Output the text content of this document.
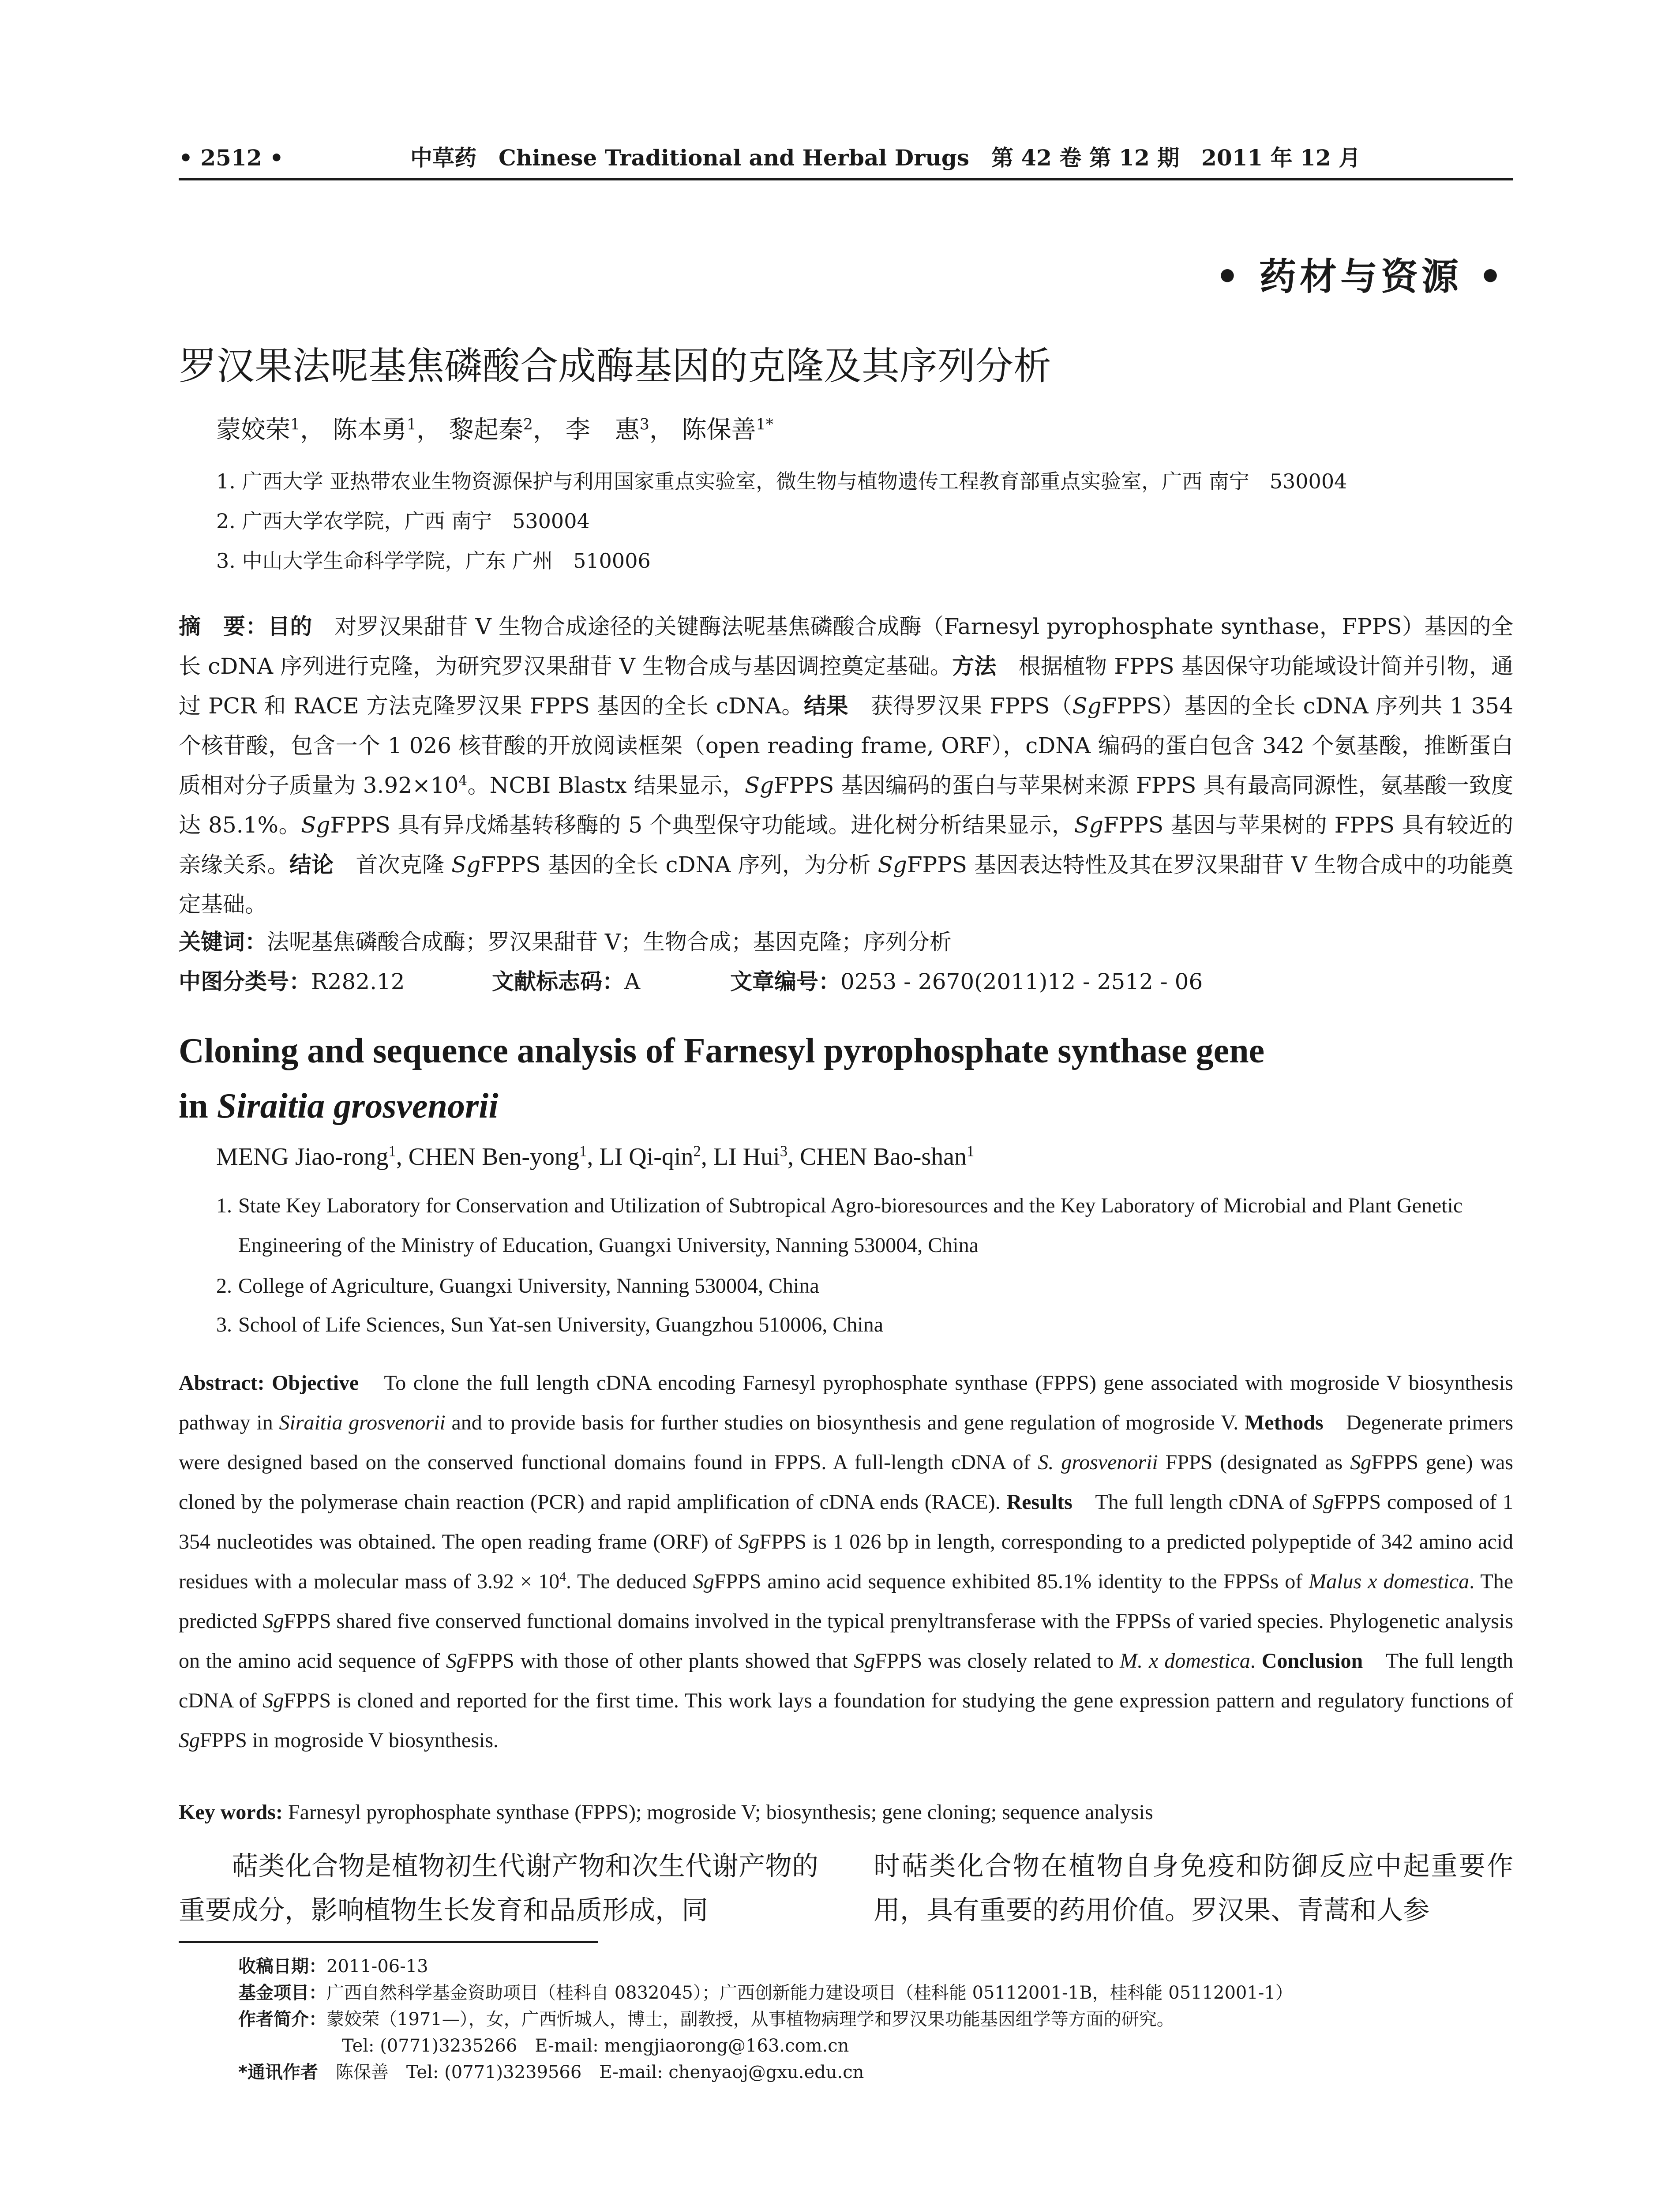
• 2512 •	中草药　Chinese Traditional and Herbal Drugs　第 42 卷 第 12 期　2011 年 12 月
• 药材与资源 •
罗汉果法呢基焦磷酸合成酶基因的克隆及其序列分析
蒙姣荣$^1$， 陈本勇$^1$， 黎起秦$^2$， 李　惠$^3$， 陈保善$^{1*}$
1. 广西大学 亚热带农业生物资源保护与利用国家重点实验室，微生物与植物遗传工程教育部重点实验室，广西 南宁　530004
2. 广西大学农学院，广西 南宁　530004
3. 中山大学生命科学学院，广东 广州　510006

摘　要：目的　对罗汉果甜苷 V 生物合成途径的关键酶法呢基焦磷酸合成酶（Farnesyl pyrophosphate synthase，FPPS）基因的全长 cDNA 序列进行克隆，为研究罗汉果甜苷 V 生物合成与基因调控奠定基础。方法　根据植物 FPPS 基因保守功能域设计简并引物，通过 PCR 和 RACE 方法克隆罗汉果 FPPS 基因的全长 cDNA。结果　获得罗汉果 FPPS（SgFPPS）基因的全长 cDNA 序列共 1 354 个核苷酸，包含一个 1 026 核苷酸的开放阅读框架（open reading frame, ORF），cDNA 编码的蛋白包含 342 个氨基酸，推断蛋白质相对分子质量为 $3.92\times 10^4$。NCBI Blastx 结果显示，SgFPPS 基因编码的蛋白与苹果树来源 FPPS 具有最高同源性，氨基酸一致度达 85.1%。SgFPPS 具有异戊烯基转移酶的 5 个典型保守功能域。进化树分析结果显示，SgFPPS 基因与苹果树的 FPPS 具有较近的亲缘关系。结论　首次克隆 SgFPPS 基因的全长 cDNA 序列，为分析 SgFPPS 基因表达特性及其在罗汉果甜苷 V 生物合成中的功能奠定基础。

关键词：法呢基焦磷酸合成酶；罗汉果甜苷 V；生物合成；基因克隆；序列分析
中图分类号：R282.12	文献标志码：A	文章编号：0253 - 2670(2011)12 - 2512 - 06

Cloning and sequence analysis of Farnesyl pyrophosphate synthase gene
in Siraitia grosvenorii

MENG Jiao-rong$^1$, CHEN Ben-yong$^1$, LI Qi-qin$^2$, LI Hui$^3$, CHEN Bao-shan$^1$

1. State Key Laboratory for Conservation and Utilization of Subtropical Agro-bioresources and the Key Laboratory of Microbial and Plant Genetic Engineering of the Ministry of Education, Guangxi University, Nanning 530004, China

2. College of Agriculture, Guangxi University, Nanning 530004, China

3. School of Life Sciences, Sun Yat-sen University, Guangzhou 510006, China

Abstract: Objective　To clone the full length cDNA encoding Farnesyl pyrophosphate synthase (FPPS) gene associated with mogroside V biosynthesis pathway in Siraitia grosvenorii and to provide basis for further studies on biosynthesis and gene regulation of mogroside V. Methods　Degenerate primers were designed based on the conserved functional domains found in FPPS. A full-length cDNA of S. grosvenorii FPPS (designated as SgFPPS gene) was cloned by the polymerase chain reaction (PCR) and rapid amplification of cDNA ends (RACE). Results　The full length cDNA of SgFPPS composed of 1 354 nucleotides was obtained. The open reading frame (ORF) of SgFPPS is 1 026 bp in length, corresponding to a predicted polypeptide of 342 amino acid residues with a molecular mass of $3.92 \times 10^4$. The deduced SgFPPS amino acid sequence exhibited 85.1% identity to the FPPSs of Malus x domestica. The predicted SgFPPS shared five conserved functional domains involved in the typical prenyltransferase with the FPPSs of varied species. Phylogenetic analysis on the amino acid sequence of SgFPPS with those of other plants showed that SgFPPS was closely related to M. x domestica. Conclusion　The full length cDNA of SgFPPS is cloned and reported for the first time. This work lays a foundation for studying the gene expression pattern and regulatory functions of SgFPPS in mogroside V biosynthesis.

Key words: Farnesyl pyrophosphate synthase (FPPS); mogroside V; biosynthesis; gene cloning; sequence analysis

萜类化合物是植物初生代谢产物和次生代谢产物的重要成分，影响植物生长发育和品质形成，同

时萜类化合物在植物自身免疫和防御反应中起重要作用，具有重要的药用价值。罗汉果、青蒿和人参

收稿日期：2011-06-13
基金项目：广西自然科学基金资助项目（桂科自 0832045）；广西创新能力建设项目（桂科能 05112001-1B，桂科能 05112001-1）
作者简介：蒙姣荣（1971—），女，广西忻城人，博士，副教授，从事植物病理学和罗汉果功能基因组学等方面的研究。
Tel: (0771)3235266　E-mail: mengjiaorong@163.com.cn
*通讯作者　陈保善　Tel: (0771)3239566　E-mail: chenyaoj@gxu.edu.cn
